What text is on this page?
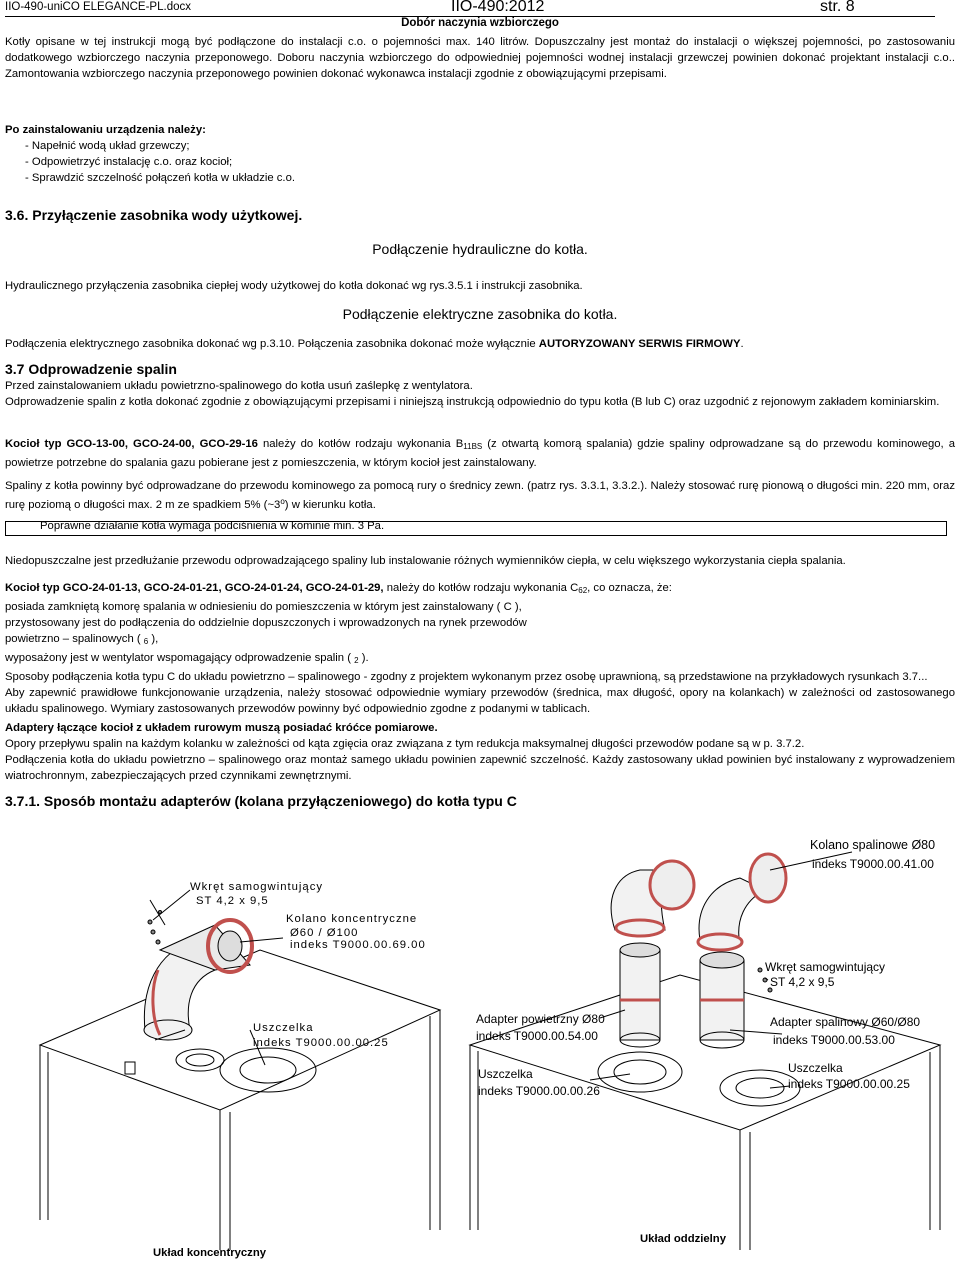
IIO-490-uniCO ELEGANCE-PL.docx	IIO-490:2012	str. 8
Dobór naczynia wzbiorczego
Kotły opisane w tej instrukcji mogą być podłączone do instalacji c.o. o pojemności max. 140 litrów. Dopuszczalny jest montaż do instalacji o większej pojemności, po zastosowaniu dodatkowego wzbiorczego naczynia przeponowego. Doboru naczynia wzbiorczego do odpowiedniej pojemności wodnej instalacji grzewczej powinien dokonać projektant instalacji c.o.. Zamontowania wzbiorczego naczynia przeponowego powinien dokonać wykonawca instalacji zgodnie z obowiązującymi przepisami.
Po zainstalowaniu urządzenia należy:
- Napełnić wodą układ grzewczy;
- Odpowietrzyć instalację c.o. oraz kocioł;
- Sprawdzić szczelność połączeń kotła w układzie c.o.
3.6. Przyłączenie zasobnika wody użytkowej.
Podłączenie hydrauliczne do kotła.
Hydraulicznego przyłączenia zasobnika ciepłej wody użytkowej do kotła dokonać wg rys.3.5.1 i instrukcji zasobnika.
Podłączenie elektryczne zasobnika do kotła.
Podłączenia elektrycznego zasobnika dokonać wg p.3.10. Połączenia zasobnika dokonać może wyłącznie AUTORYZOWANY SERWIS FIRMOWY.
3.7 Odprowadzenie spalin
Przed zainstalowaniem układu powietrzno-spalinowego do kotła usuń zaślepkę z wentylatora.
Odprowadzenie spalin z kotła dokonać zgodnie z obowiązującymi przepisami i niniejszą instrukcją odpowiednio do typu kotła (B lub C) oraz uzgodnić z rejonowym zakładem kominiarskim.
Kocioł typ GCO-13-00, GCO-24-00, GCO-29-16 należy do kotłów rodzaju wykonania $B_{11BS}$ (z otwartą komorą spalania) gdzie spaliny odprowadzane są do przewodu kominowego, a powietrze potrzebne do spalania gazu pobierane jest z pomieszczenia, w którym kocioł jest zainstalowany.
Spaliny z kotła powinny być odprowadzane do przewodu kominowego za pomocą rury o średnicy zewn. (patrz rys. 3.3.1, 3.3.2.). Należy stosować rurę pionową o długości min. 220 mm, oraz rurę poziomą o długości max. 2 m ze spadkiem 5% (~3$^o$) w kierunku kotła.
Poprawne działanie kotła wymaga podciśnienia w kominie min. 3 Pa.
Niedopuszczalne jest przedłużanie przewodu odprowadzającego spaliny lub instalowanie różnych wymienników ciepła, w celu większego wykorzystania ciepła spalania.
Kocioł typ GCO-24-01-13, GCO-24-01-21, GCO-24-01-24, GCO-24-01-29, należy do kotłów rodzaju wykonania $C_{62}$, co oznacza, że:
posiada zamkniętą komorę spalania w odniesieniu do pomieszczenia w którym jest zainstalowany ( C ),
przystosowany jest do podłączenia do oddzielnie dopuszczonych i wprowadzonych na rynek przewodów
powietrzno – spalinowych ( $_6$ ),
wyposażony jest w wentylator wspomagający odprowadzenie spalin ( $_2$ ).
Sposoby podłączenia kotła typu C do układu powietrzno – spalinowego - zgodny z projektem wykonanym przez osobę uprawnioną, są przedstawione na przykładowych rysunkach 3.7...
Aby zapewnić prawidłowe funkcjonowanie urządzenia, należy stosować odpowiednie wymiary przewodów (średnica, max długość, opory na kolankach) w zależności od zastosowanego układu spalinowego. Wymiary zastosowanych przewodów powinny być odpowiednio zgodne z podanymi w tablicach.
Adaptery łączące kocioł z układem rurowym muszą posiadać króćce pomiarowe.
Opory przepływu spalin na każdym kolanku w zależności od kąta zgięcia oraz związana z tym redukcja maksymalnej długości przewodów podane są w p. 3.7.2.
Podłączenia kotła do układu powietrzno – spalinowego oraz montaż samego układu powinien zapewnić szczelność. Każdy zastosowany układ powinien być instalowany z wyprowadzeniem wiatrochronnym, zabezpieczających przed czynnikami zewnętrznymi.
3.7.1. Sposób montażu adapterów (kolana przyłączeniowego) do kotła typu C
Wkręt samogwintujący
ST 4,2 x 9,5
Kolano koncentryczne
Ø60 / Ø100
indeks T9000.00.69.00
Uszczelka
indeks T9000.00.00.25
Układ koncentryczny
Kolano spalinowe Ø80
indeks T9000.00.41.00
Wkręt samogwintujący
ST 4,2 x 9,5
Adapter powietrzny Ø80
indeks T9000.00.54.00
Adapter spalinowy Ø60/Ø80
indeks T9000.00.53.00
Uszczelka
indeks T9000.00.00.26
Uszczelka
indeks T9000.00.00.25
Układ oddzielny
